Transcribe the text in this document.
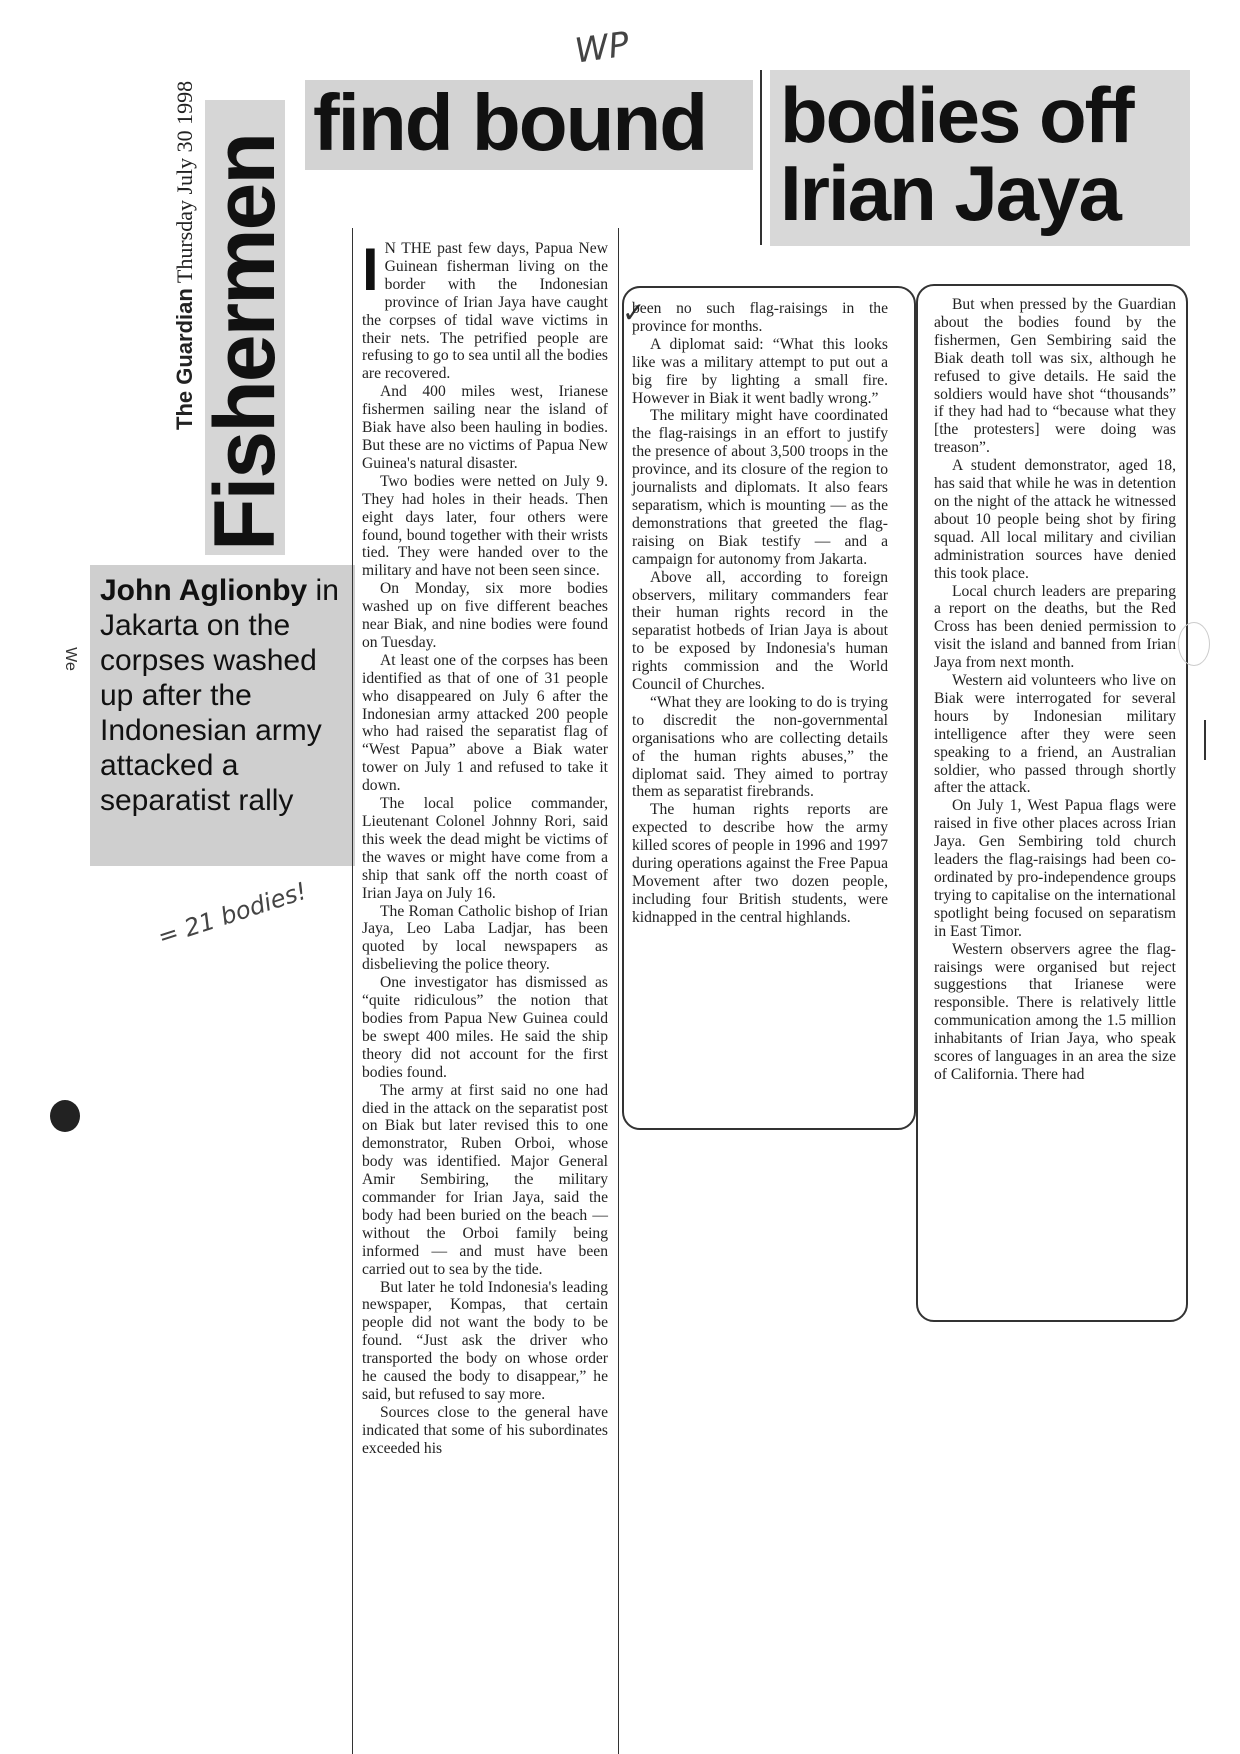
WP
= 21 bodies!
We
The Guardian Thursday July 30 1998 Fishermen
find bound bodies off
Irian Jaya
John Aglionby in Jakarta on the corpses washed up after the Indonesian army attacked a separatist rally
✓
I N THE past few days, Papua New Guinean fisherman living on the border with the Indonesian province of Irian Jaya have caught the corpses of tidal wave victims in their nets. The petrified people are refusing to go to sea until all the bodies are recovered.

And 400 miles west, Irianese fishermen sailing near the island of Biak have also been hauling in bodies. But these are no victims of Papua New Guinea's natural disaster.

Two bodies were netted on July 9. They had holes in their heads. Then eight days later, four others were found, bound together with their wrists tied. They were handed over to the military and have not been seen since.

On Monday, six more bodies washed up on five different beaches near Biak, and nine bodies were found on Tuesday.

At least one of the corpses has been identified as that of one of 31 people who disappeared on July 6 after the Indonesian army attacked 200 people who had raised the separatist flag of “West Papua” above a Biak water tower on July 1 and refused to take it down.

The local police commander, Lieutenant Colonel Johnny Rori, said this week the dead might be victims of the waves or might have come from a ship that sank off the north coast of Irian Jaya on July 16.

The Roman Catholic bishop of Irian Jaya, Leo Laba Ladjar, has been quoted by local newspapers as disbelieving the police theory.

One investigator has dismissed as “quite ridiculous” the notion that bodies from Papua New Guinea could be swept 400 miles. He said the ship theory did not account for the first bodies found.

The army at first said no one had died in the attack on the separatist post on Biak but later revised this to one demonstrator, Ruben Orboi, whose body was identified. Major General Amir Sembiring, the military commander for Irian Jaya, said the body had been buried on the beach — without the Orboi family being informed — and must have been carried out to sea by the tide.

But later he told Indonesia's leading newspaper, Kompas, that certain people did not want the body to be found. “Just ask the driver who transported the body on whose order he caused the body to disappear,” he said, but refused to say more.

Sources close to the general have indicated that some of his subordinates exceeded his

been no such flag-raisings in the province for months.

A diplomat said: “What this looks like was a military attempt to put out a big fire by lighting a small fire. However in Biak it went badly wrong.”

The military might have coordinated the flag-raisings in an effort to justify the presence of about 3,500 troops in the province, and its closure of the region to journalists and diplomats. It also fears separatism, which is mounting — as the demonstrations that greeted the flag-raising on Biak testify — and a campaign for autonomy from Jakarta.

Above all, according to foreign observers, military commanders fear their human rights record in the separatist hotbeds of Irian Jaya is about to be exposed by Indonesia's human rights commission and the World Council of Churches.

“What they are looking to do is trying to discredit the non-governmental organisations who are collecting details of the human rights abuses,” the diplomat said. They aimed to portray them as separatist firebrands.

The human rights reports are expected to describe how the army killed scores of people in 1996 and 1997 during operations against the Free Papua Movement after two dozen people, including four British students, were kidnapped in the central highlands.

But when pressed by the Guardian about the bodies found by the fishermen, Gen Sembiring said the Biak death toll was six, although he refused to give details. He said the soldiers would have shot “thousands” if they had had to “because what they [the protesters] were doing was treason”.

A student demonstrator, aged 18, has said that while he was in detention on the night of the attack he witnessed about 10 people being shot by firing squad. All local military and civilian administration sources have denied this took place.

Local church leaders are preparing a report on the deaths, but the Red Cross has been denied permission to visit the island and banned from Irian Jaya from next month.

Western aid volunteers who live on Biak were interrogated for several hours by Indonesian military intelligence after they were seen speaking to a friend, an Australian soldier, who passed through shortly after the attack.

On July 1, West Papua flags were raised in five other places across Irian Jaya. Gen Sembiring told church leaders the flag-raisings had been co-ordinated by pro-independence groups trying to capitalise on the international spotlight being focused on separatism in East Timor.

Western observers agree the flag-raisings were organised but reject suggestions that Irianese were responsible. There is relatively little communication among the 1.5 million inhabitants of Irian Jaya, who speak scores of languages in an area the size of California. There had
